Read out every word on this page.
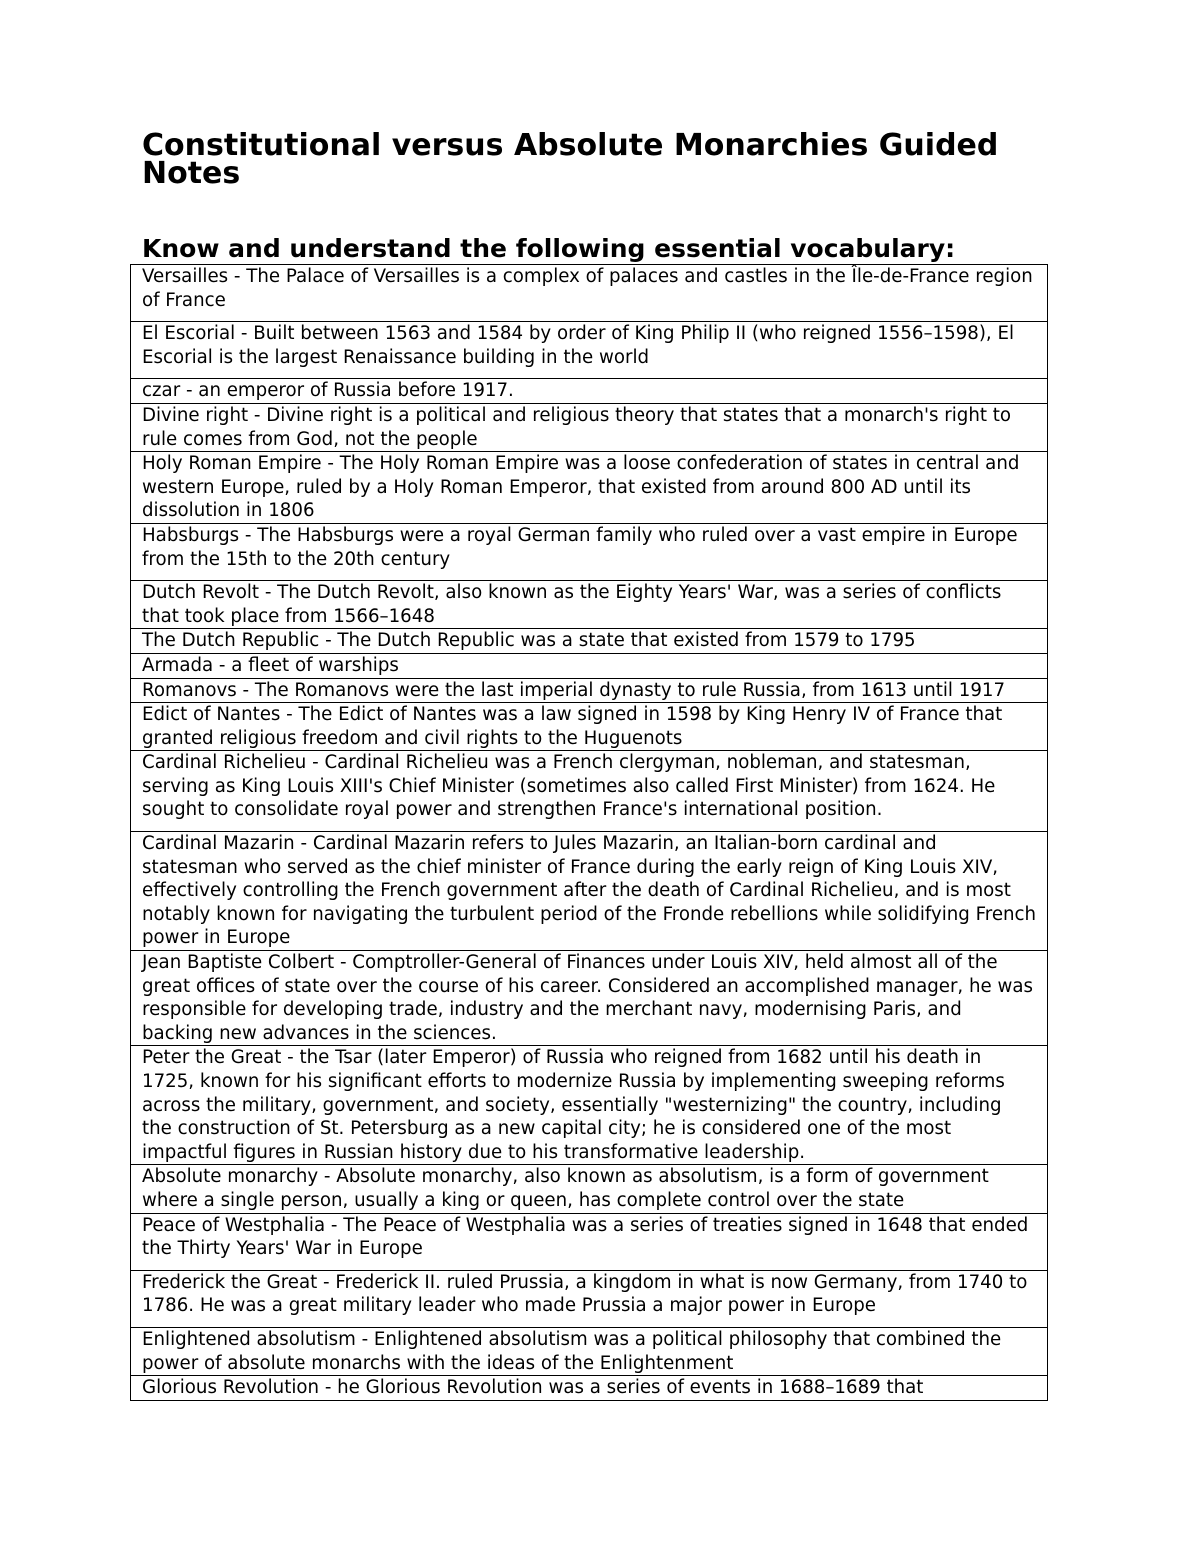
Constitutional versus Absolute Monarchies Guided Notes
Know and understand the following essential vocabulary:
Versailles - The Palace of Versailles is a complex of palaces and castles in the Île-de-France region of France
El Escorial - Built between 1563 and 1584 by order of King Philip II (who reigned 1556–1598), El Escorial is the largest Renaissance building in the world
czar - an emperor of Russia before 1917.
Divine right - Divine right is a political and religious theory that states that a monarch's right to rule comes from God, not the people
Holy Roman Empire - The Holy Roman Empire was a loose confederation of states in central and western Europe, ruled by a Holy Roman Emperor, that existed from around 800 AD until its dissolution in 1806
Habsburgs - The Habsburgs were a royal German family who ruled over a vast empire in Europe from the 15th to the 20th century
Dutch Revolt - The Dutch Revolt, also known as the Eighty Years' War, was a series of conflicts that took place from 1566–1648
The Dutch Republic - The Dutch Republic was a state that existed from 1579 to 1795
Armada - a fleet of warships
Romanovs - The Romanovs were the last imperial dynasty to rule Russia, from 1613 until 1917
Edict of Nantes - The Edict of Nantes was a law signed in 1598 by King Henry IV of France that granted religious freedom and civil rights to the Huguenots
Cardinal Richelieu - Cardinal Richelieu was a French clergyman, nobleman, and statesman, serving as King Louis XIII's Chief Minister (sometimes also called First Minister) from 1624. He sought to consolidate royal power and strengthen France's international position.
Cardinal Mazarin - Cardinal Mazarin refers to Jules Mazarin, an Italian-born cardinal and statesman who served as the chief minister of France during the early reign of King Louis XIV, effectively controlling the French government after the death of Cardinal Richelieu, and is most notably known for navigating the turbulent period of the Fronde rebellions while solidifying French power in Europe
Jean Baptiste Colbert - Comptroller-General of Finances under Louis XIV, held almost all of the great offices of state over the course of his career. Considered an accomplished manager, he was responsible for developing trade, industry and the merchant navy, modernising Paris, and backing new advances in the sciences.
Peter the Great - the Tsar (later Emperor) of Russia who reigned from 1682 until his death in 1725, known for his significant efforts to modernize Russia by implementing sweeping reforms across the military, government, and society, essentially "westernizing" the country, including the construction of St. Petersburg as a new capital city; he is considered one of the most impactful figures in Russian history due to his transformative leadership.
Absolute monarchy - Absolute monarchy, also known as absolutism, is a form of government where a single person, usually a king or queen, has complete control over the state
Peace of Westphalia - The Peace of Westphalia was a series of treaties signed in 1648 that ended the Thirty Years' War in Europe
Frederick the Great - Frederick II. ruled Prussia, a kingdom in what is now Germany, from 1740 to 1786. He was a great military leader who made Prussia a major power in Europe
Enlightened absolutism - Enlightened absolutism was a political philosophy that combined the power of absolute monarchs with the ideas of the Enlightenment
Glorious Revolution - he Glorious Revolution was a series of events in 1688–1689 that
